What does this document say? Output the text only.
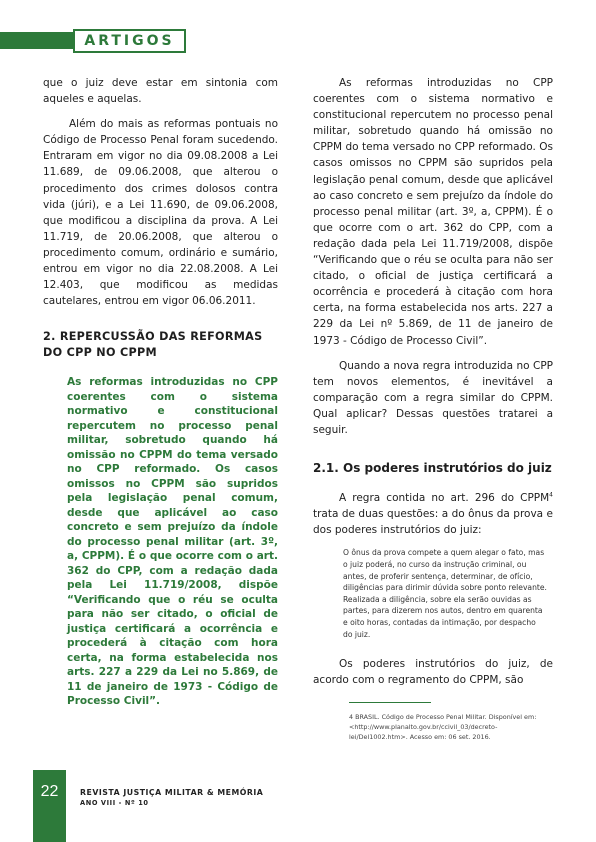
ARTIGOS

que o juiz deve estar em sintonia com aqueles e aquelas.

Além do mais as reformas pontuais no Código de Processo Penal foram sucedendo. Entraram em vigor no dia 09.08.2008 a Lei 11.689, de 09.06.2008, que alterou o procedimento dos crimes dolosos contra vida (júri), e a Lei 11.690, de 09.06.2008, que modificou a disciplina da prova. A Lei 11.719, de 20.06.2008, que alterou o procedimento comum, ordinário e sumário, entrou em vigor no dia 22.08.2008. A Lei 12.403, que modificou as medidas cautelares, entrou em vigor 06.06.2011.

2. REPERCUSSÃO DAS REFORMAS DO CPP NO CPPM
As reformas introduzidas no CPP coerentes com o sistema normativo e constitucional repercutem no processo penal militar, sobretudo quando há omissão no CPPM do tema versado no CPP reformado. Os casos omissos no CPPM são supridos pela legislação penal comum, desde que aplicável ao caso concreto e sem prejuízo da índole do processo penal militar (art. 3º, a, CPPM). É o que ocorre com o art. 362 do CPP, com a redação dada pela Lei 11.719/2008, dispõe “Verificando que o réu se oculta para não ser citado, o oficial de justiça certificará a ocorrência e procederá à citação com hora certa, na forma estabelecida nos arts. 227 a 229 da Lei no 5.869, de 11 de janeiro de 1973 - Código de Processo Civil”.

As reformas introduzidas no CPP coerentes com o sistema normativo e constitucional repercutem no processo penal militar, sobretudo quando há omissão no CPPM do tema versado no CPP reformado. Os casos omissos no CPPM são supridos pela legislação penal comum, desde que aplicável ao caso concreto e sem prejuízo da índole do processo penal militar (art. 3º, a, CPPM). É o que ocorre com o art. 362 do CPP, com a redação dada pela Lei 11.719/2008, dispõe “Verificando que o réu se oculta para não ser citado, o oficial de justiça certificará a ocorrência e procederá à citação com hora certa, na forma estabelecida nos arts. 227 a 229 da Lei nº 5.869, de 11 de janeiro de 1973 - Código de Processo Civil”.

Quando a nova regra introduzida no CPP tem novos elementos, é inevitável a comparação com a regra similar do CPPM. Qual aplicar? Dessas questões tratarei a seguir.

2.1. Os poderes instrutórios do juiz

A regra contida no art. 296 do CPPM$^4$ trata de duas questões: a do ônus da prova e dos poderes instrutórios do juiz:

O ônus da prova compete a quem alegar o fato, mas o juiz poderá, no curso da instrução criminal, ou antes, de proferir sentença, determinar, de ofício, diligências para dirimir dúvida sobre ponto relevante. Realizada a diligência, sobre ela serão ouvidas as partes, para dizerem nos autos, dentro em quarenta e oito horas, contadas da intimação, por despacho do juiz.

Os poderes instrutórios do juiz, de acordo com o regramento do CPPM, são

4 BRASIL. Código de Processo Penal Militar. Disponível em: <http://www.planalto.gov.br/ccivil_03/decreto-lei/Del1002.htm>. Acesso em: 06 set. 2016.
22	REVISTA JUSTIÇA MILITAR & MEMÓRIA
ANO VIII - Nº 10
